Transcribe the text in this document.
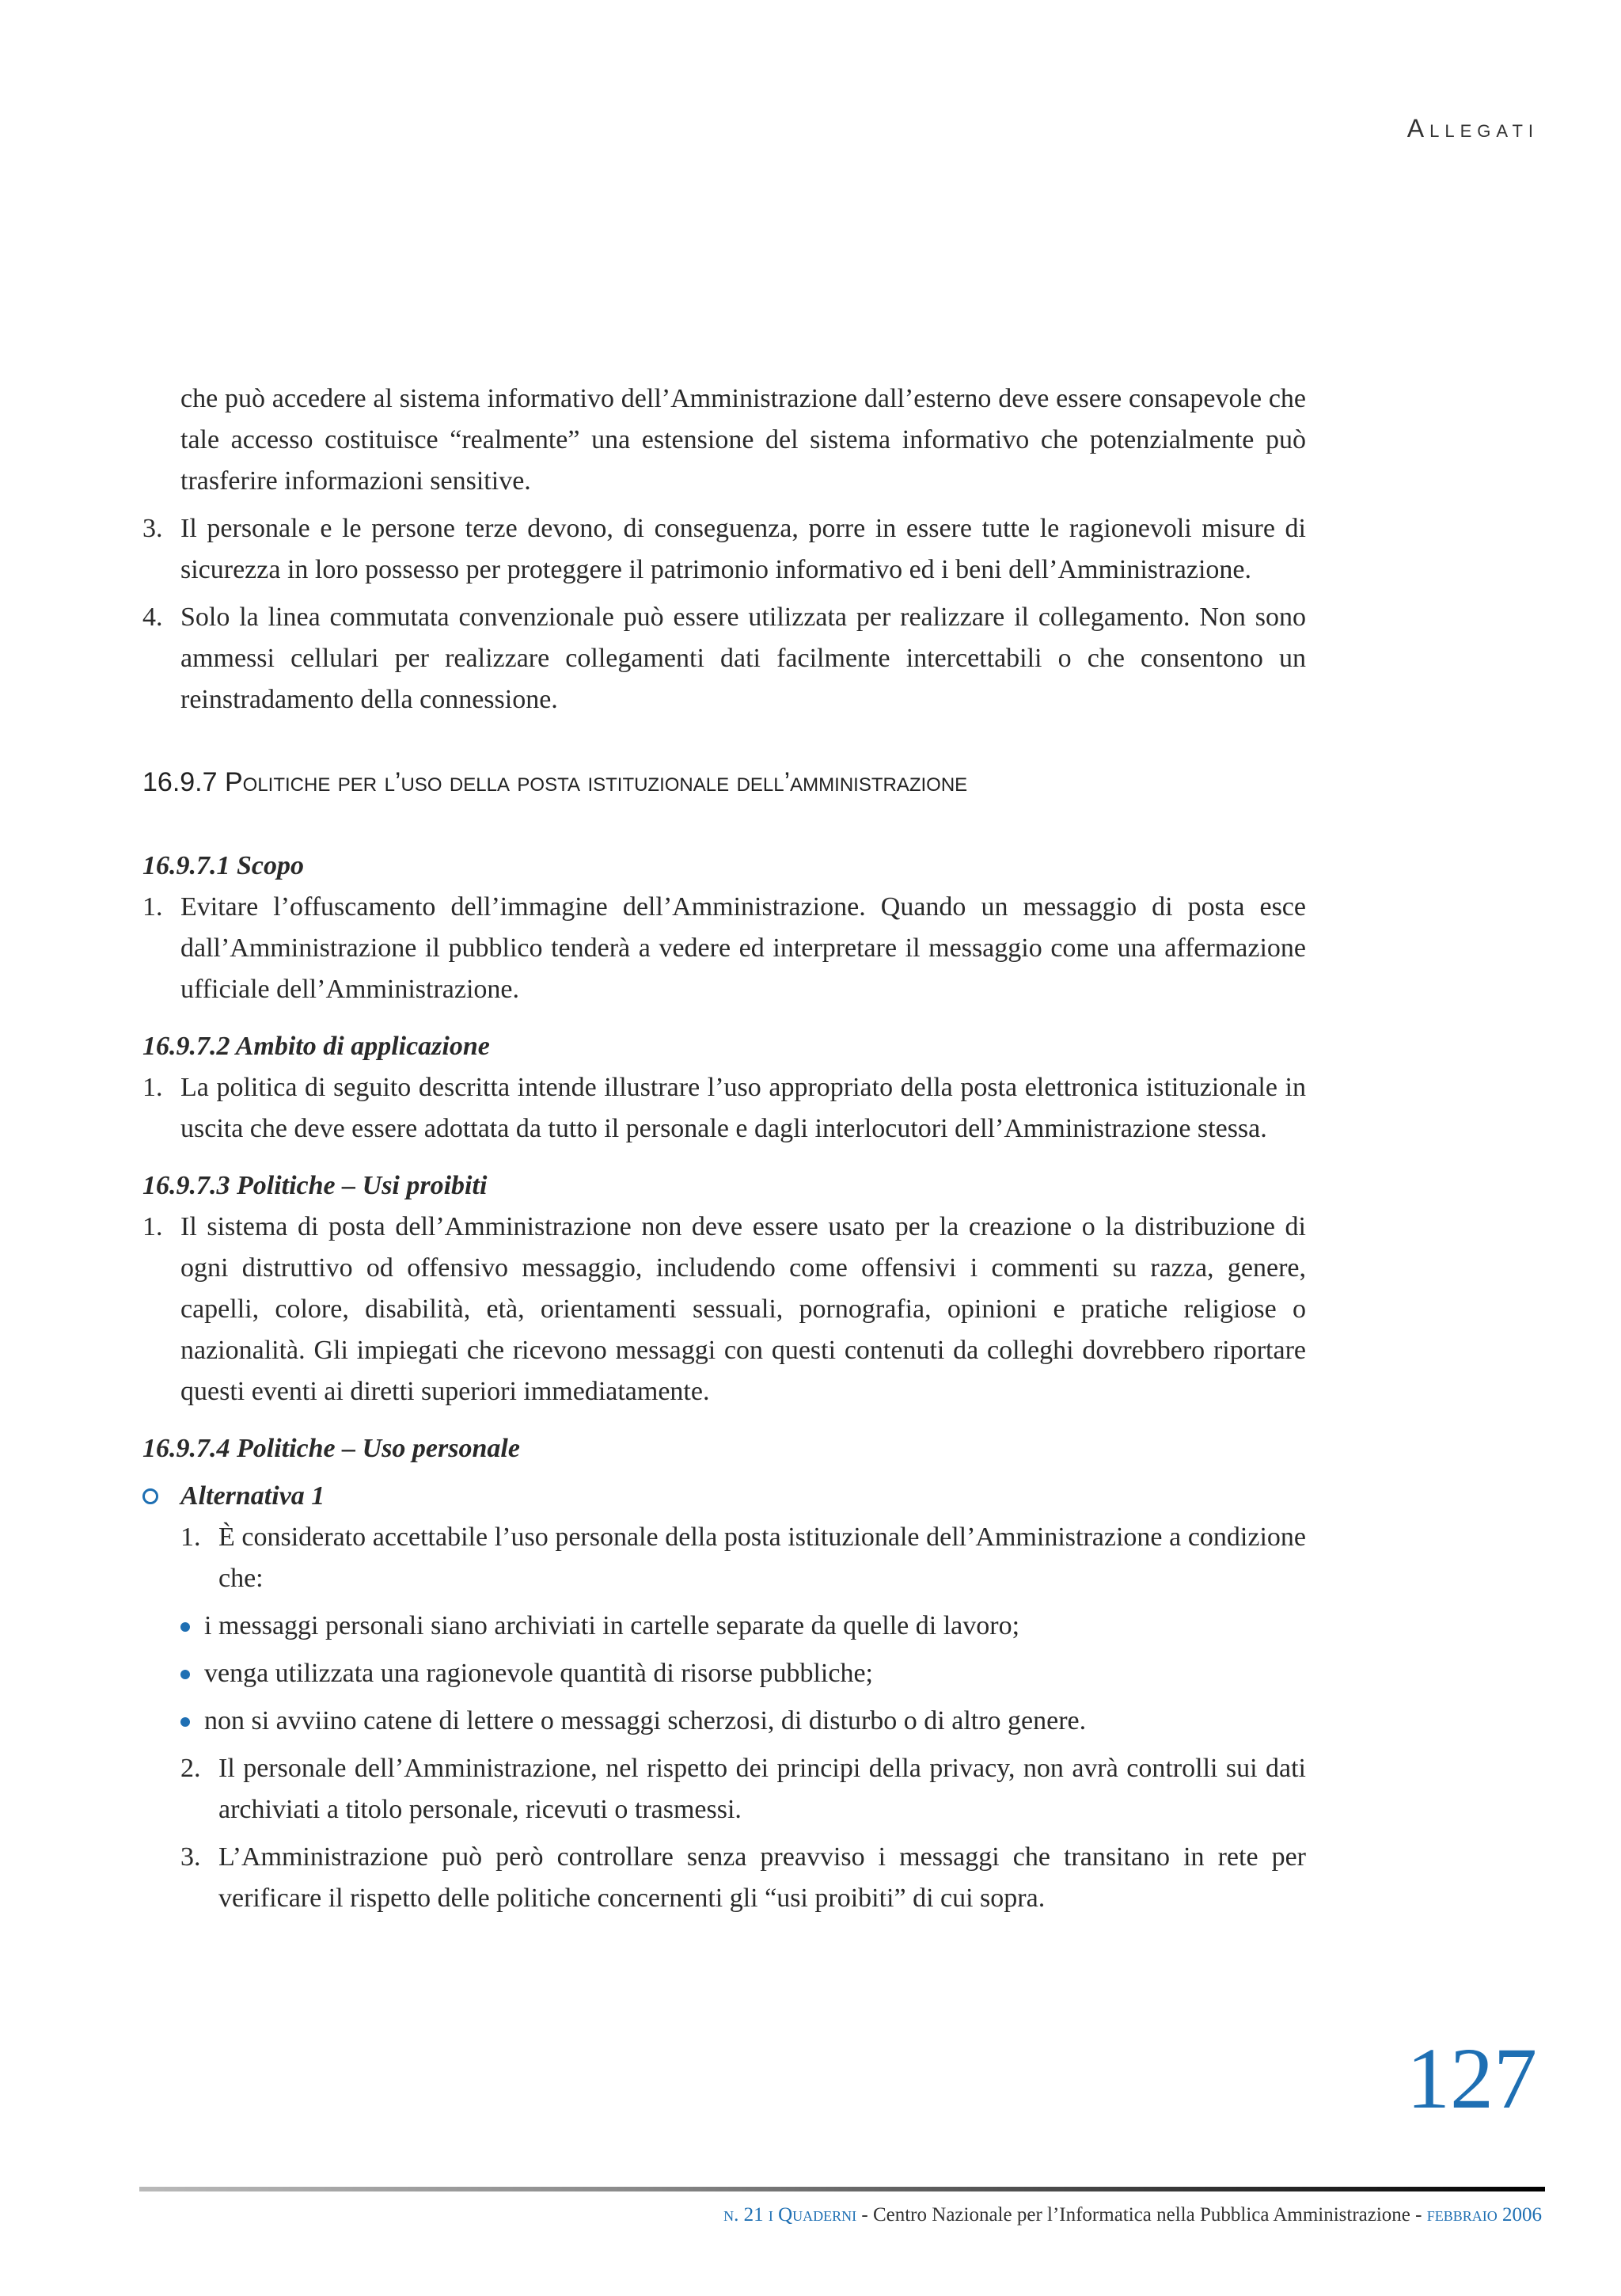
Allegati

che può accedere al sistema informativo dell’Amministrazione dall’esterno deve essere consapevole che tale accesso costituisce “realmente” una estensione del sistema informativo che potenzialmente può trasferire informazioni sensitive.

3. Il personale e le persone terze devono, di conseguenza, porre in essere tutte le ragionevoli misure di sicurezza in loro possesso per proteggere il patrimonio informativo ed i beni dell’Amministrazione.
4. Solo la linea commutata convenzionale può essere utilizzata per realizzare il collegamento. Non sono ammessi cellulari per realizzare collegamenti dati facilmente intercettabili o che consentono un reinstradamento della connessione.
16.9.7 Politiche per l’uso della posta istituzionale dell’amministrazione
16.9.7.1 Scopo
1. Evitare l’offuscamento dell’immagine dell’Amministrazione. Quando un messaggio di posta esce dall’Amministrazione il pubblico tenderà a vedere ed interpretare il messaggio come una affermazione ufficiale dell’Amministrazione.
16.9.7.2 Ambito di applicazione
1. La politica di seguito descritta intende illustrare l’uso appropriato della posta elettronica istituzionale in uscita che deve essere adottata da tutto il personale e dagli interlocutori dell’Amministrazione stessa.
16.9.7.3 Politiche – Usi proibiti
1. Il sistema di posta dell’Amministrazione non deve essere usato per la creazione o la distribuzione di ogni distruttivo od offensivo messaggio, includendo come offensivi i commenti su razza, genere, capelli, colore, disabilità, età, orientamenti sessuali, pornografia, opinioni e pratiche religiose o nazionalità. Gli impiegati che ricevono messaggi con questi contenuti da colleghi dovrebbero riportare questi eventi ai diretti superiori immediatamente.
16.9.7.4 Politiche – Uso personale
Alternativa 1
1. È considerato accettabile l’uso personale della posta istituzionale dell’Amministrazione a condizione che:
i messaggi personali siano archiviati in cartelle separate da quelle di lavoro;
venga utilizzata una ragionevole quantità di risorse pubbliche;
non si avviino catene di lettere o messaggi scherzosi, di disturbo o di altro genere.
2. Il personale dell’Amministrazione, nel rispetto dei principi della privacy, non avrà controlli sui dati archiviati a titolo personale, ricevuti o trasmessi.
3. L’Amministrazione può però controllare senza preavviso i messaggi che transitano in rete per verificare il rispetto delle politiche concernenti gli “usi proibiti” di cui sopra.
127
n. 21 i Quaderni - Centro Nazionale per l’Informatica nella Pubblica Amministrazione - febbraio 2006
